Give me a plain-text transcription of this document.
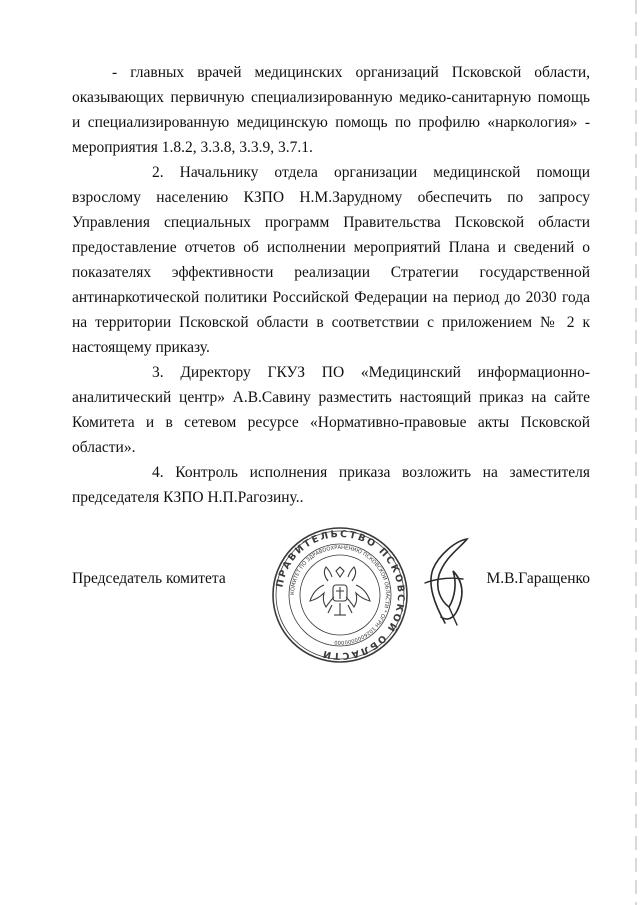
- главных врачей медицинских организаций Псковской области, оказывающих первичную специализированную медико-санитарную помощь и специализированную медицинскую помощь по профилю «наркология» - мероприятия 1.8.2, 3.3.8, 3.3.9, 3.7.1.

2. Начальнику отдела организации медицинской помощи взрослому населению КЗПО Н.М.Зарудному обеспечить по запросу Управления специальных программ Правительства Псковской области предоставление отчетов об исполнении мероприятий Плана и сведений о показателях эффективности реализации Стратегии государственной антинаркотической политики Российской Федерации на период до 2030 года на территории Псковской области в соответствии с приложением № 2 к настоящему приказу.

3. Директору ГКУЗ ПО «Медицинский информационно-аналитический центр» А.В.Савину разместить настоящий приказ на сайте Комитета и в сетевом ресурсе «Нормативно-правовые акты Псковской области».

4. Контроль исполнения приказа возложить на заместителя председателя КЗПО Н.П.Рагозину..

ПРАВИТЕЛЬСТВО ПСКОВСКОЙ ОБЛАСТИ
КОМИТЕТ ПО ЗДРАВООХРАНЕНИЮ ПСКОВСКОЙ ОБЛАСТИ * ОГРН 1026000000000
Председатель комитета	М.В.Гаращенко
